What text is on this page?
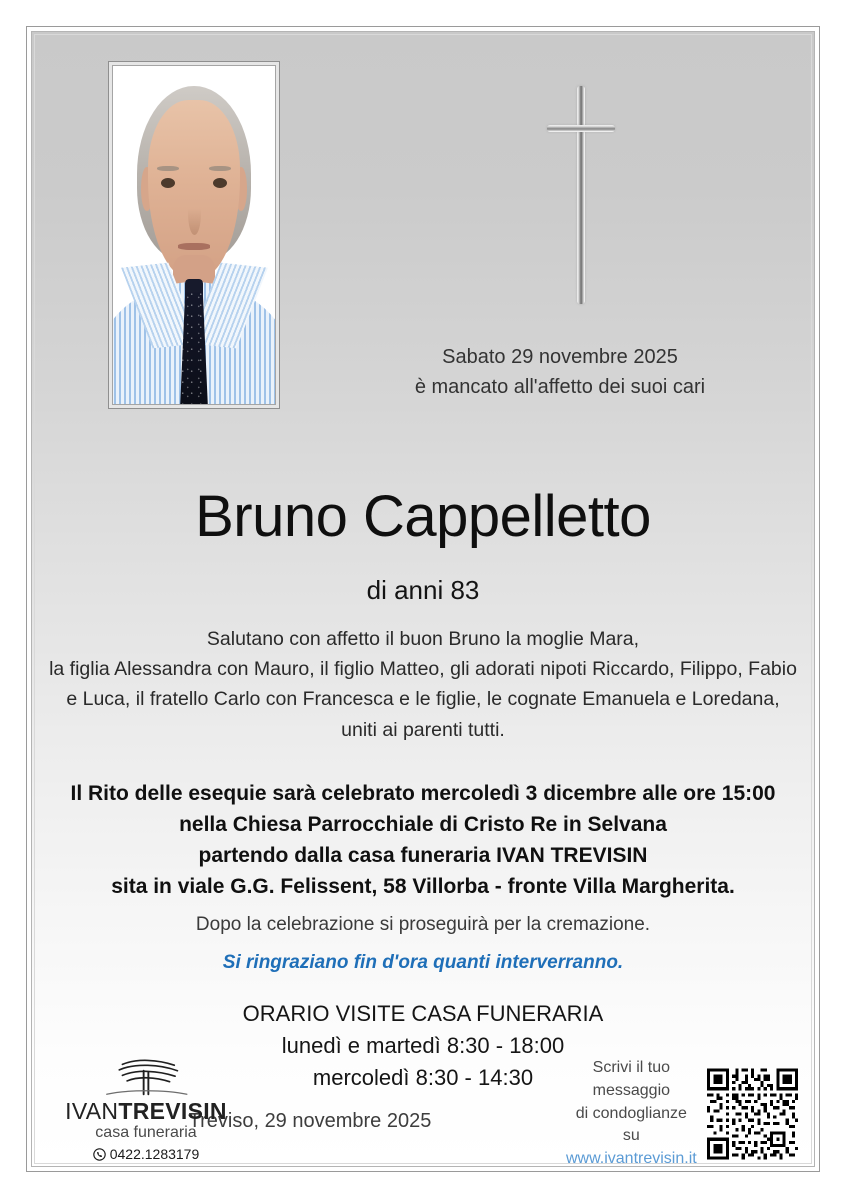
Sabato 29 novembre 2025
è mancato all'affetto dei suoi cari
Bruno Cappelletto
di anni 83
Salutano con affetto il buon Bruno la moglie Mara,
la figlia Alessandra con Mauro, il figlio Matteo, gli adorati nipoti Riccardo, Filippo, Fabio
e Luca, il fratello Carlo con Francesca e le figlie, le cognate Emanuela e Loredana,
uniti ai parenti tutti.
Il Rito delle esequie sarà celebrato mercoledì 3 dicembre alle ore 15:00
nella Chiesa Parrocchiale di Cristo Re in Selvana
partendo dalla casa funeraria IVAN TREVISIN
sita in viale G.G. Felissent, 58 Villorba - fronte Villa Margherita.
Dopo la celebrazione si proseguirà per la cremazione.
Si ringraziano fin d'ora quanti interverranno.
ORARIO VISITE CASA FUNERARIA
lunedì e martedì 8:30 - 18:00
mercoledì 8:30 - 14:30
Treviso, 29 novembre 2025
IVANTREVISIN
casa funeraria
0422.1283179
Scrivi il tuo messaggio
di condoglianze su
www.ivantrevisin.it
